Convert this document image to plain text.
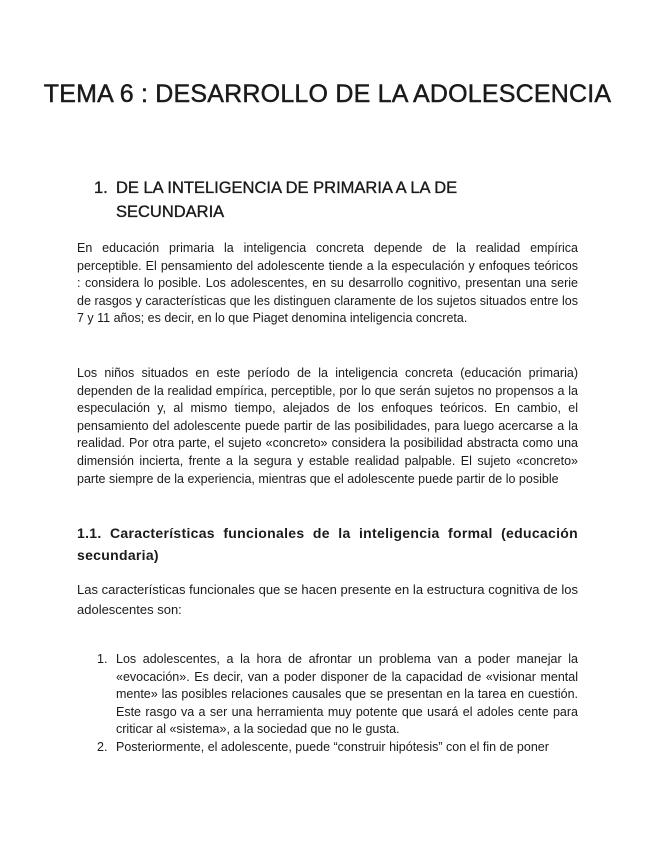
TEMA 6 : DESARROLLO DE LA ADOLESCENCIA
1. DE LA INTELIGENCIA DE PRIMARIA A LA DE SECUNDARIA

En educación primaria la inteligencia concreta depende de la realidad empírica perceptible. El pensamiento del adolescente tiende a la especulación y enfoques teóricos : considera lo posible. Los adolescentes, en su desarrollo cognitivo, presentan una serie de rasgos y características que les distinguen claramente de los sujetos situados entre los 7 y 11 años; es decir, en lo que Piaget denomina inteligencia concreta.

Los niños situados en este período de la inteligencia concreta (educación primaria) dependen de la realidad empírica, perceptible, por lo que serán sujetos no propensos a la especulación y, al mismo tiempo, alejados de los enfoques teóricos. En cambio, el pensamiento del adolescente puede partir de las posibilidades, para luego acercarse a la realidad. Por otra parte, el sujeto «concreto» considera la posibilidad abstracta como una dimensión incierta, frente a la segura y estable realidad palpable. El sujeto «concreto» parte siempre de la experiencia, mientras que el adolescente puede partir de lo posible

1.1. Características funcionales de la inteligencia formal (educación secundaria)

Las características funcionales que se hacen presente en la estructura cognitiva de los adolescentes son:

1. Los adolescentes, a la hora de afrontar un problema van a poder manejar la «evocación». Es decir, van a poder disponer de la capacidad de «visionar mental mente» las posibles relaciones causales que se presentan en la tarea en cuestión. Este rasgo va a ser una herramienta muy potente que usará el adoles cente para criticar al «sistema», a la sociedad que no le gusta.
2. Posteriormente, el adolescente, puede “construir hipótesis” con el fin de poner
